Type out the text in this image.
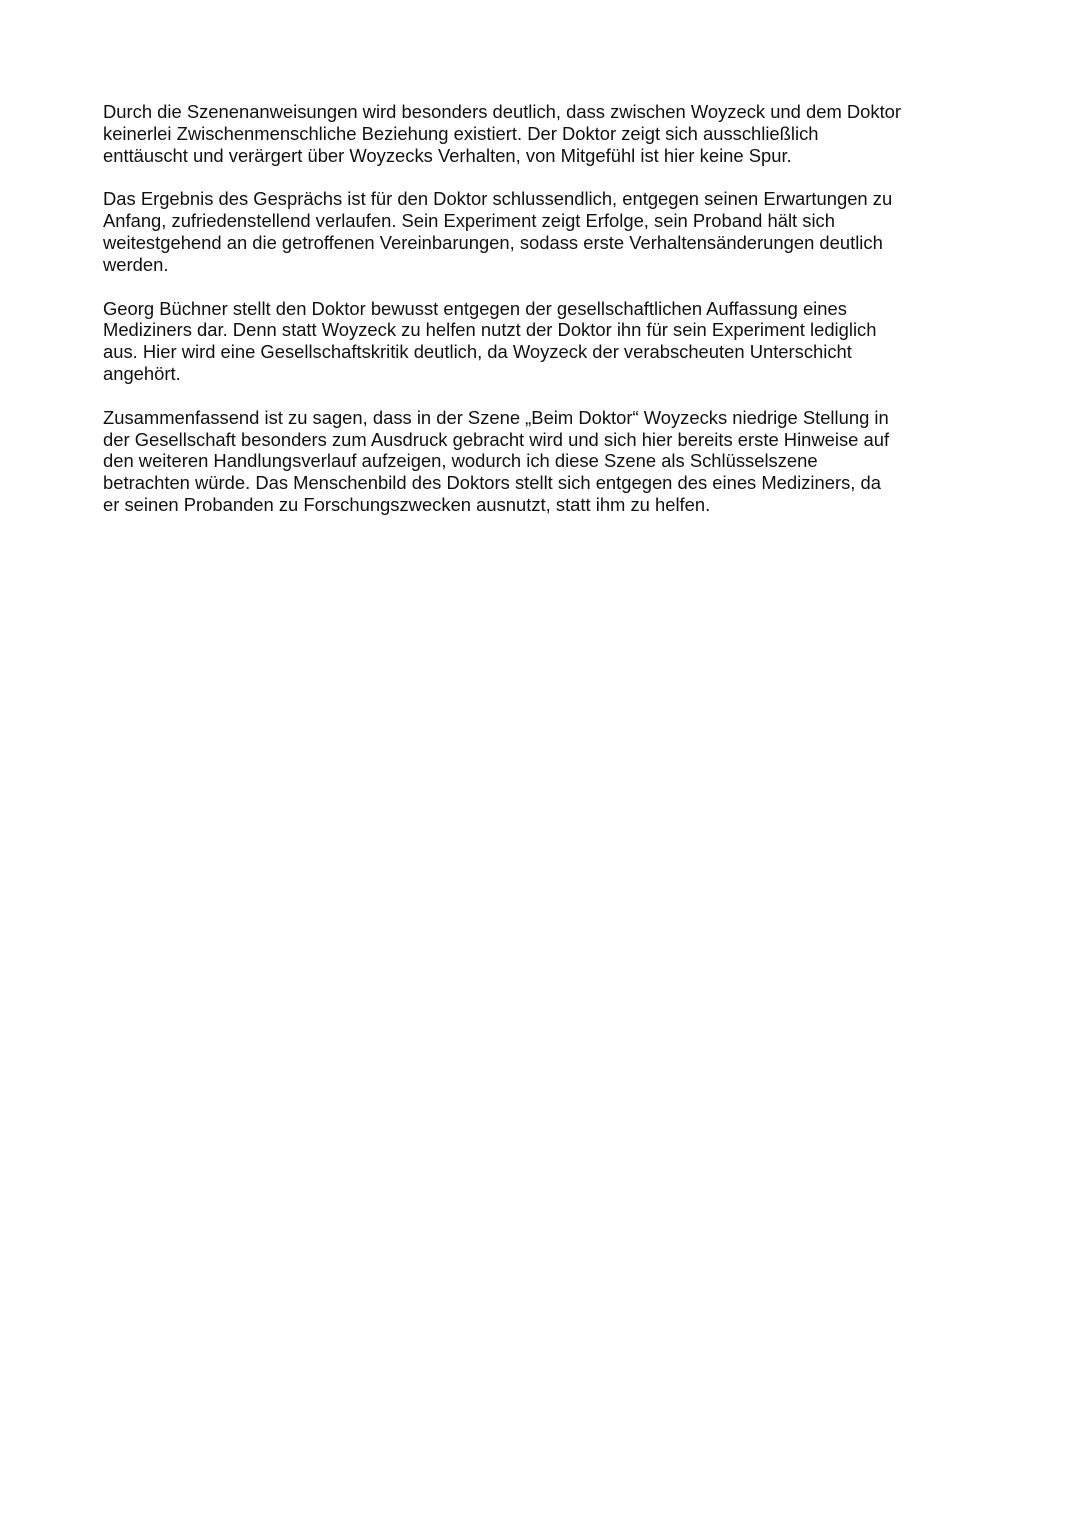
Durch die Szenenanweisungen wird besonders deutlich, dass zwischen Woyzeck und dem Doktor
keinerlei Zwischenmenschliche Beziehung existiert. Der Doktor zeigt sich ausschließlich
enttäuscht und verärgert über Woyzecks Verhalten, von Mitgefühl ist hier keine Spur.

Das Ergebnis des Gesprächs ist für den Doktor schlussendlich, entgegen seinen Erwartungen zu
Anfang, zufriedenstellend verlaufen. Sein Experiment zeigt Erfolge, sein Proband hält sich
weitestgehend an die getroffenen Vereinbarungen, sodass erste Verhaltensänderungen deutlich
werden.

Georg Büchner stellt den Doktor bewusst entgegen der gesellschaftlichen Auffassung eines
Mediziners dar. Denn statt Woyzeck zu helfen nutzt der Doktor ihn für sein Experiment lediglich
aus. Hier wird eine Gesellschaftskritik deutlich, da Woyzeck der verabscheuten Unterschicht
angehört.

Zusammenfassend ist zu sagen, dass in der Szene „Beim Doktor“ Woyzecks niedrige Stellung in
der Gesellschaft besonders zum Ausdruck gebracht wird und sich hier bereits erste Hinweise auf
den weiteren Handlungsverlauf aufzeigen, wodurch ich diese Szene als Schlüsselszene
betrachten würde. Das Menschenbild des Doktors stellt sich entgegen des eines Mediziners, da
er seinen Probanden zu Forschungszwecken ausnutzt, statt ihm zu helfen.
